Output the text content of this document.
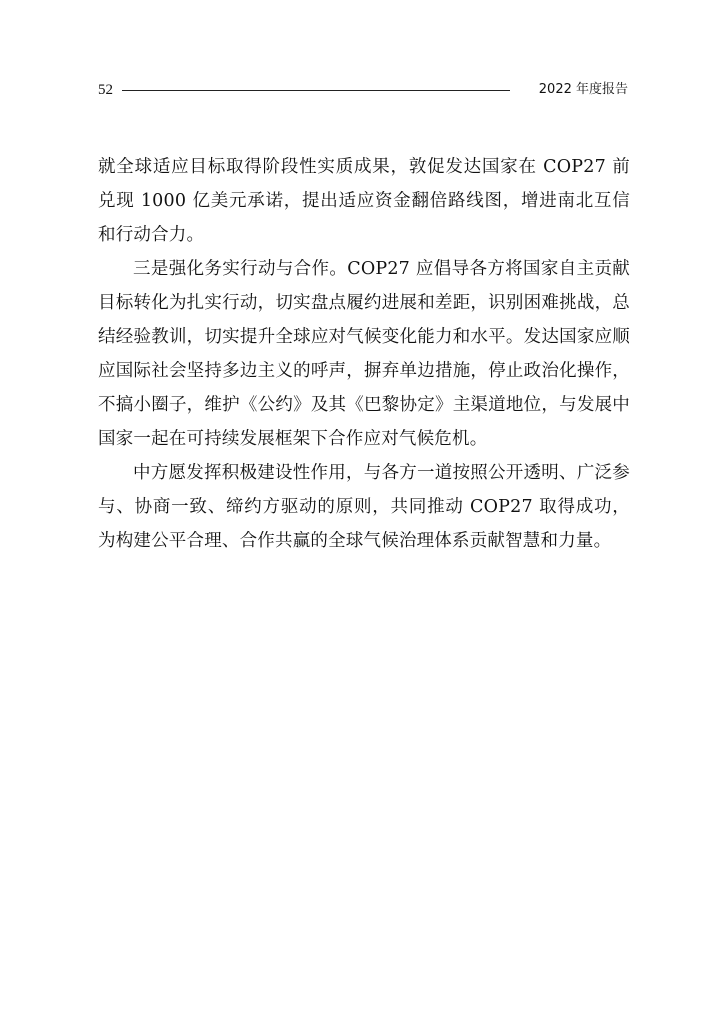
52	2022 年度报告

就全球适应目标取得阶段性实质成果，敦促发达国家在 COP27 前兑现 1000 亿美元承诺，提出适应资金翻倍路线图，增进南北互信和行动合力。

三是强化务实行动与合作。COP27 应倡导各方将国家自主贡献目标转化为扎实行动，切实盘点履约进展和差距，识别困难挑战，总结经验教训，切实提升全球应对气候变化能力和水平。发达国家应顺应国际社会坚持多边主义的呼声，摒弃单边措施，停止政治化操作，不搞小圈子，维护《公约》及其《巴黎协定》主渠道地位，与发展中国家一起在可持续发展框架下合作应对气候危机。

中方愿发挥积极建设性作用，与各方一道按照公开透明、广泛参与、协商一致、缔约方驱动的原则，共同推动 COP27 取得成功，为构建公平合理、合作共赢的全球气候治理体系贡献智慧和力量。
